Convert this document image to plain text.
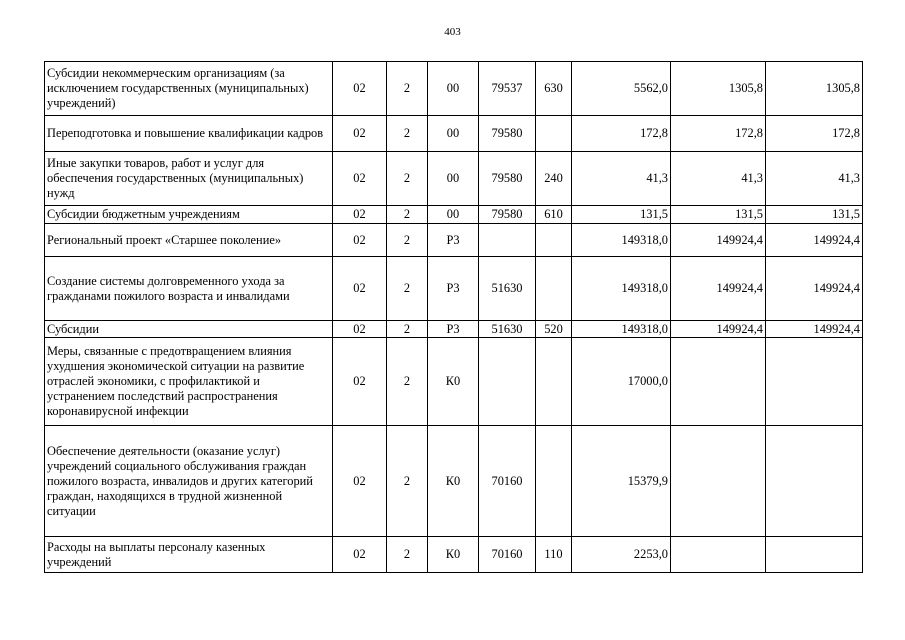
403
Субсидии некоммерческим организациям (за исключением государственных (муниципальных) учреждений)	02	2	00	79537	630	5562,0	1305,8	1305,8
Переподготовка и повышение квалификации кадров	02	2	00	79580		172,8	172,8	172,8
Иные закупки товаров, работ и услуг для обеспечения государственных (муниципальных) нужд	02	2	00	79580	240	41,3	41,3	41,3
Субсидии бюджетным учреждениям	02	2	00	79580	610	131,5	131,5	131,5
Региональный проект «Старшее поколение»	02	2	Р3			149318,0	149924,4	149924,4
Создание системы долговременного ухода за гражданами пожилого возраста и инвалидами	02	2	Р3	51630		149318,0	149924,4	149924,4
Субсидии	02	2	Р3	51630	520	149318,0	149924,4	149924,4
Меры, связанные с предотвращением влияния ухудшения экономической ситуации на развитие отраслей экономики, с профилактикой и устранением последствий распространения коронавирусной инфекции	02	2	К0			17000,0		
Обеспечение деятельности (оказание услуг) учреждений социального обслуживания граждан пожилого возраста, инвалидов и других категорий граждан, находящихся в трудной жизненной ситуации	02	2	К0	70160		15379,9		
Расходы на выплаты персоналу казенных учреждений	02	2	К0	70160	110	2253,0		
